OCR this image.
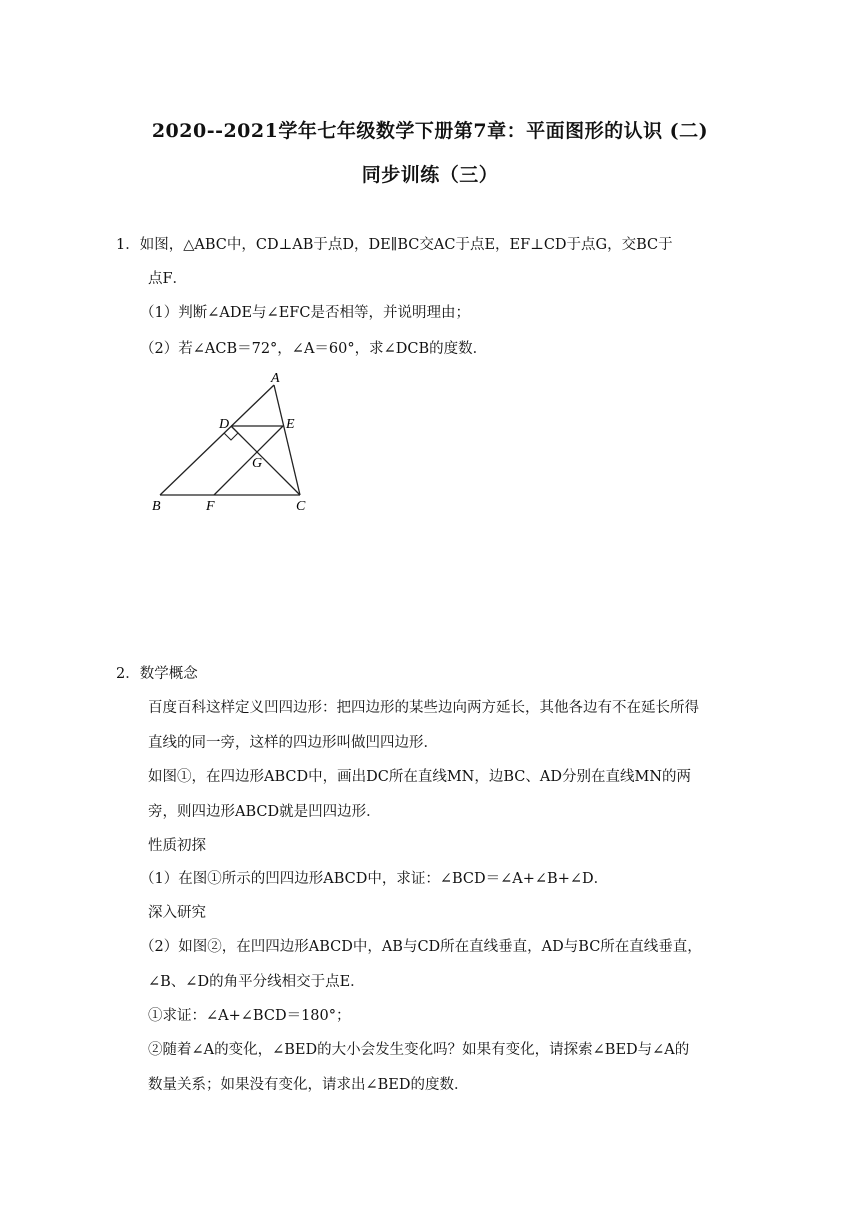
2020--2021学年七年级数学下册第7章：平面图形的认识 (二)
同步训练（三）
1．如图，△ABC中，CD⊥AB于点D，DE∥BC交AC于点E，EF⊥CD于点G，交BC于
点F．
（1）判断∠ADE与∠EFC是否相等，并说明理由；
（2）若∠ACB＝72°，∠A＝60°，求∠DCB的度数．
A
D	E
G
B	F	C
2．数学概念
百度百科这样定义凹四边形：把四边形的某些边向两方延长，其他各边有不在延长所得
直线的同一旁，这样的四边形叫做凹四边形．
如图①，在四边形ABCD中，画出DC所在直线MN，边BC、AD分别在直线MN的两
旁，则四边形ABCD就是凹四边形．
性质初探
（1）在图①所示的凹四边形ABCD中，求证：∠BCD＝∠A+∠B+∠D．
深入研究
（2）如图②，在凹四边形ABCD中，AB与CD所在直线垂直，AD与BC所在直线垂直，
∠B、∠D的角平分线相交于点E．
①求证：∠A+∠BCD＝180°；
②随着∠A的变化，∠BED的大小会发生变化吗？如果有变化，请探索∠BED与∠A的
数量关系；如果没有变化，请求出∠BED的度数．
